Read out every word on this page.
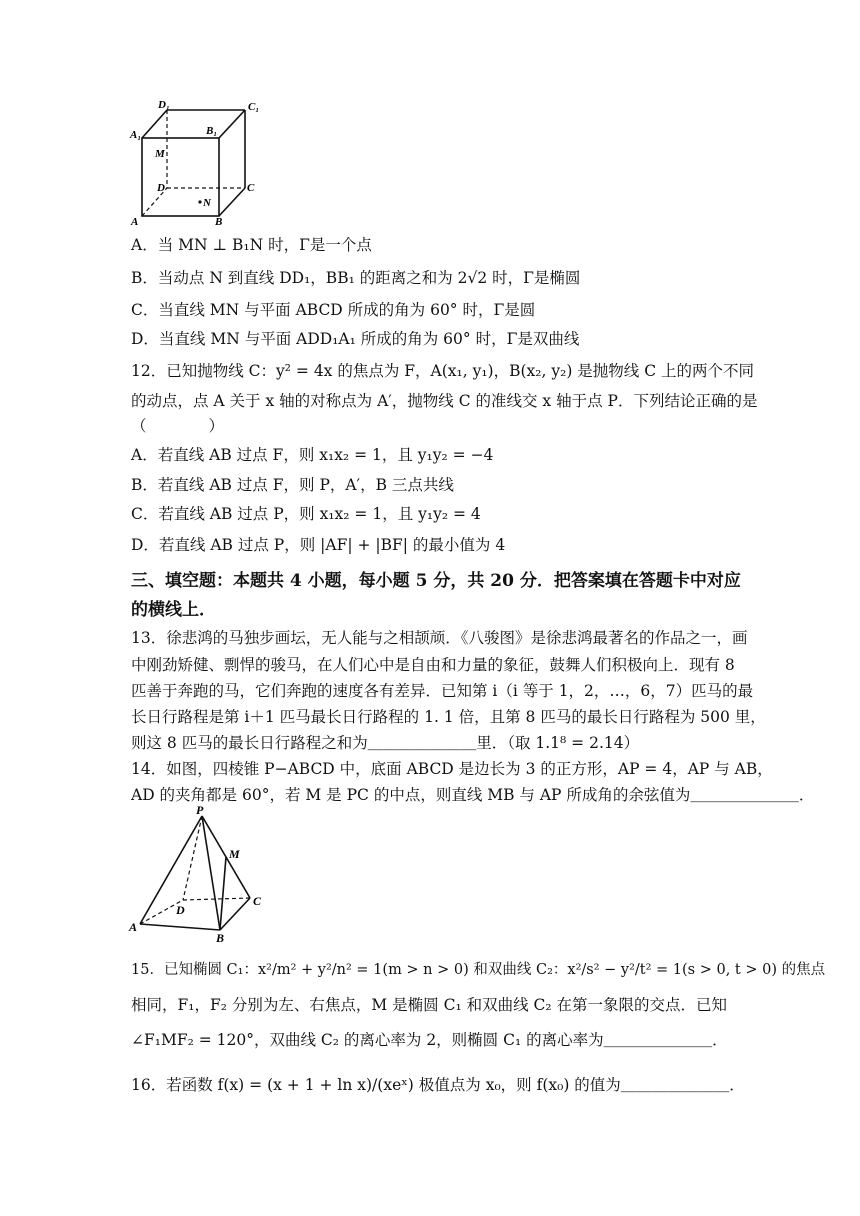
D₁	C₁
A₁	B₁
M
D	C
N
A	B
A．当 MN ⊥ B₁N 时，Γ是一个点
B．当动点 N 到直线 DD₁，BB₁ 的距离之和为 2√2 时，Γ是椭圆
C．当直线 MN 与平面 ABCD 所成的角为 60° 时，Γ是圆
D．当直线 MN 与平面 ADD₁A₁ 所成的角为 60° 时，Γ是双曲线
12．已知抛物线 C：y² = 4x 的焦点为 F，A(x₁, y₁)，B(x₂, y₂) 是抛物线 C 上的两个不同
的动点，点 A 关于 x 轴的对称点为 A′，抛物线 C 的准线交 x 轴于点 P．下列结论正确的是
（　　　　）
A．若直线 AB 过点 F，则 x₁x₂ = 1，且 y₁y₂ = −4
B．若直线 AB 过点 F，则 P，A′，B 三点共线
C．若直线 AB 过点 P，则 x₁x₂ = 1，且 y₁y₂ = 4
D．若直线 AB 过点 P，则 |AF| + |BF| 的最小值为 4
三、填空题：本题共 4 小题，每小题 5 分，共 20 分．把答案填在答题卡中对应
的横线上．
13．徐悲鸿的马独步画坛，无人能与之相颉颃．《八骏图》是徐悲鸿最著名的作品之一，画
中刚劲矫健、剽悍的骏马，在人们心中是自由和力量的象征，鼓舞人们积极向上．现有 8
匹善于奔跑的马，它们奔跑的速度各有差异．已知第 i（i 等于 1，2，…，6，7）匹马的最
长日行路程是第 i＋1 匹马最长日行路程的 1. 1 倍，且第 8 匹马的最长日行路程为 500 里，
则这 8 匹马的最长日行路程之和为＿＿＿＿＿＿＿里．（取 1.1⁸ = 2.14）
14．如图，四棱锥 P−ABCD 中，底面 ABCD 是边长为 3 的正方形，AP = 4，AP 与 AB，
AD 的夹角都是 60°，若 M 是 PC 的中点，则直线 MB 与 AP 所成角的余弦值为＿＿＿＿＿＿＿．
P
M
D
C
A
B
15．已知椭圆 C₁：x²/m² + y²/n² = 1(m > n > 0) 和双曲线 C₂：x²/s² − y²/t² = 1(s > 0, t > 0) 的焦点
相同，F₁，F₂ 分别为左、右焦点，M 是椭圆 C₁ 和双曲线 C₂ 在第一象限的交点．已知
∠F₁MF₂ = 120°，双曲线 C₂ 的离心率为 2，则椭圆 C₁ 的离心率为＿＿＿＿＿＿＿．
16．若函数 f(x) = (x + 1 + ln x)/(xeˣ) 极值点为 x₀，则 f(x₀) 的值为＿＿＿＿＿＿＿．
